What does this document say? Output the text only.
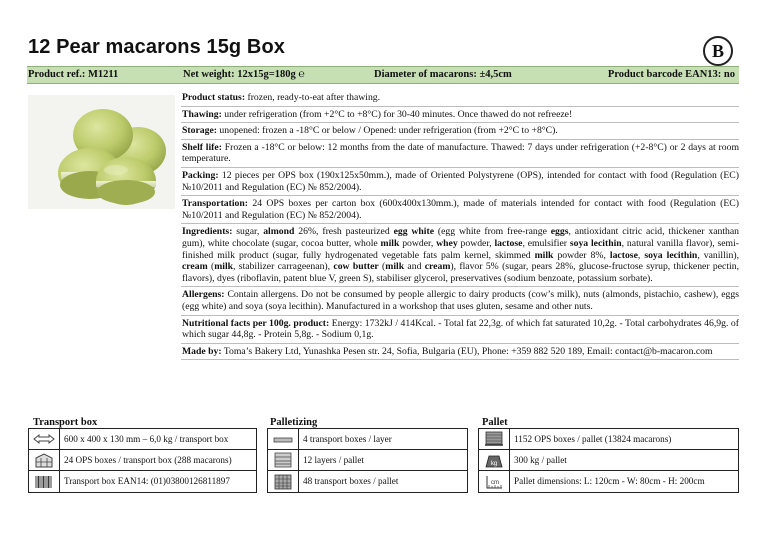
12 Pear macarons 15g Box	B
Product ref.: M1211	Net weight: 12x15g=180g ℮	Diameter of macarons: ±4,5cm	Product barcode EAN13: no
Product status: frozen, ready-to-eat after thawing.
Thawing: under refrigeration (from +2°C to +8°C) for 30-40 minutes. Once thawed do not refreeze!
Storage: unopened: frozen a -18°C or below / Opened: under refrigeration (from +2°C to +8°C).
Shelf life: Frozen a -18°C or below: 12 months from the date of manufacture. Thawed: 7 days under refrigeration (+2-8°C) or 2 days at room temperature.
Packing: 12 pieces per OPS box (190x125x50mm.), made of Oriented Polystyrene (OPS), intended for contact with food (Regulation (EC) №10/2011 and Regulation (EC) № 852/2004).
Transportation: 24 OPS boxes per carton box (600x400x130mm.), made of materials intended for contact with food (Regulation (EC) №10/2011 and Regulation (EC) № 852/2004).
Ingredients: sugar, almond 26%, fresh pasteurized egg white (egg white from free-range eggs, antioxidant citric acid, thickener xanthan gum), white chocolate (sugar, cocoa butter, whole milk powder, whey powder, lactose, emulsifier soya lecithin, natural vanilla flavor), semi-finished milk product (sugar, fully hydrogenated vegetable fats palm kernel, skimmed milk powder 8%, lactose, soya lecithin, vanillin), cream (milk, stabilizer carrageenan), cow butter (milk and cream), flavor 5% (sugar, pears 28%, glucose-fructose syrup, thickener pectin, flavors), dyes (riboflavin, patent blue V, green S), stabiliser glycerol, preservatives (sodium benzoate, potassium sorbate).
Allergens: Contain allergens. Do not be consumed by people allergic to dairy products (cow’s milk), nuts (almonds, pistachio, cashew), eggs (egg white) and soya (soya lecithin). Manufactured in a workshop that uses gluten, sesame and other nuts.
Nutritional facts per 100g. product: Energy: 1732kJ / 414Kcal. - Total fat 22,3g. of which fat saturated 10,2g. - Total carbohydrates 46,9g. of which sugar 44,8g. - Protein 5,8g. - Sodium 0,1g.
Made by: Toma’s Bakery Ltd, Yunashka Pesen str. 24, Sofia, Bulgaria (EU), Phone: +359 882 520 189, Email: contact@b-macaron.com
Transport box	Palletizing	Pallet
600 x 400 x 130 mm – 6,0 kg / transport box
24 OPS boxes / transport box (288 macarons)
Transport box EAN14: (01)03800126811897
4 transport boxes / layer
12 layers / pallet
48 transport boxes / pallet
1152 OPS boxes / pallet (13824 macarons)
kg 300 kg / pallet
cm Pallet dimensions: L: 120cm - W: 80cm - H: 200cm
